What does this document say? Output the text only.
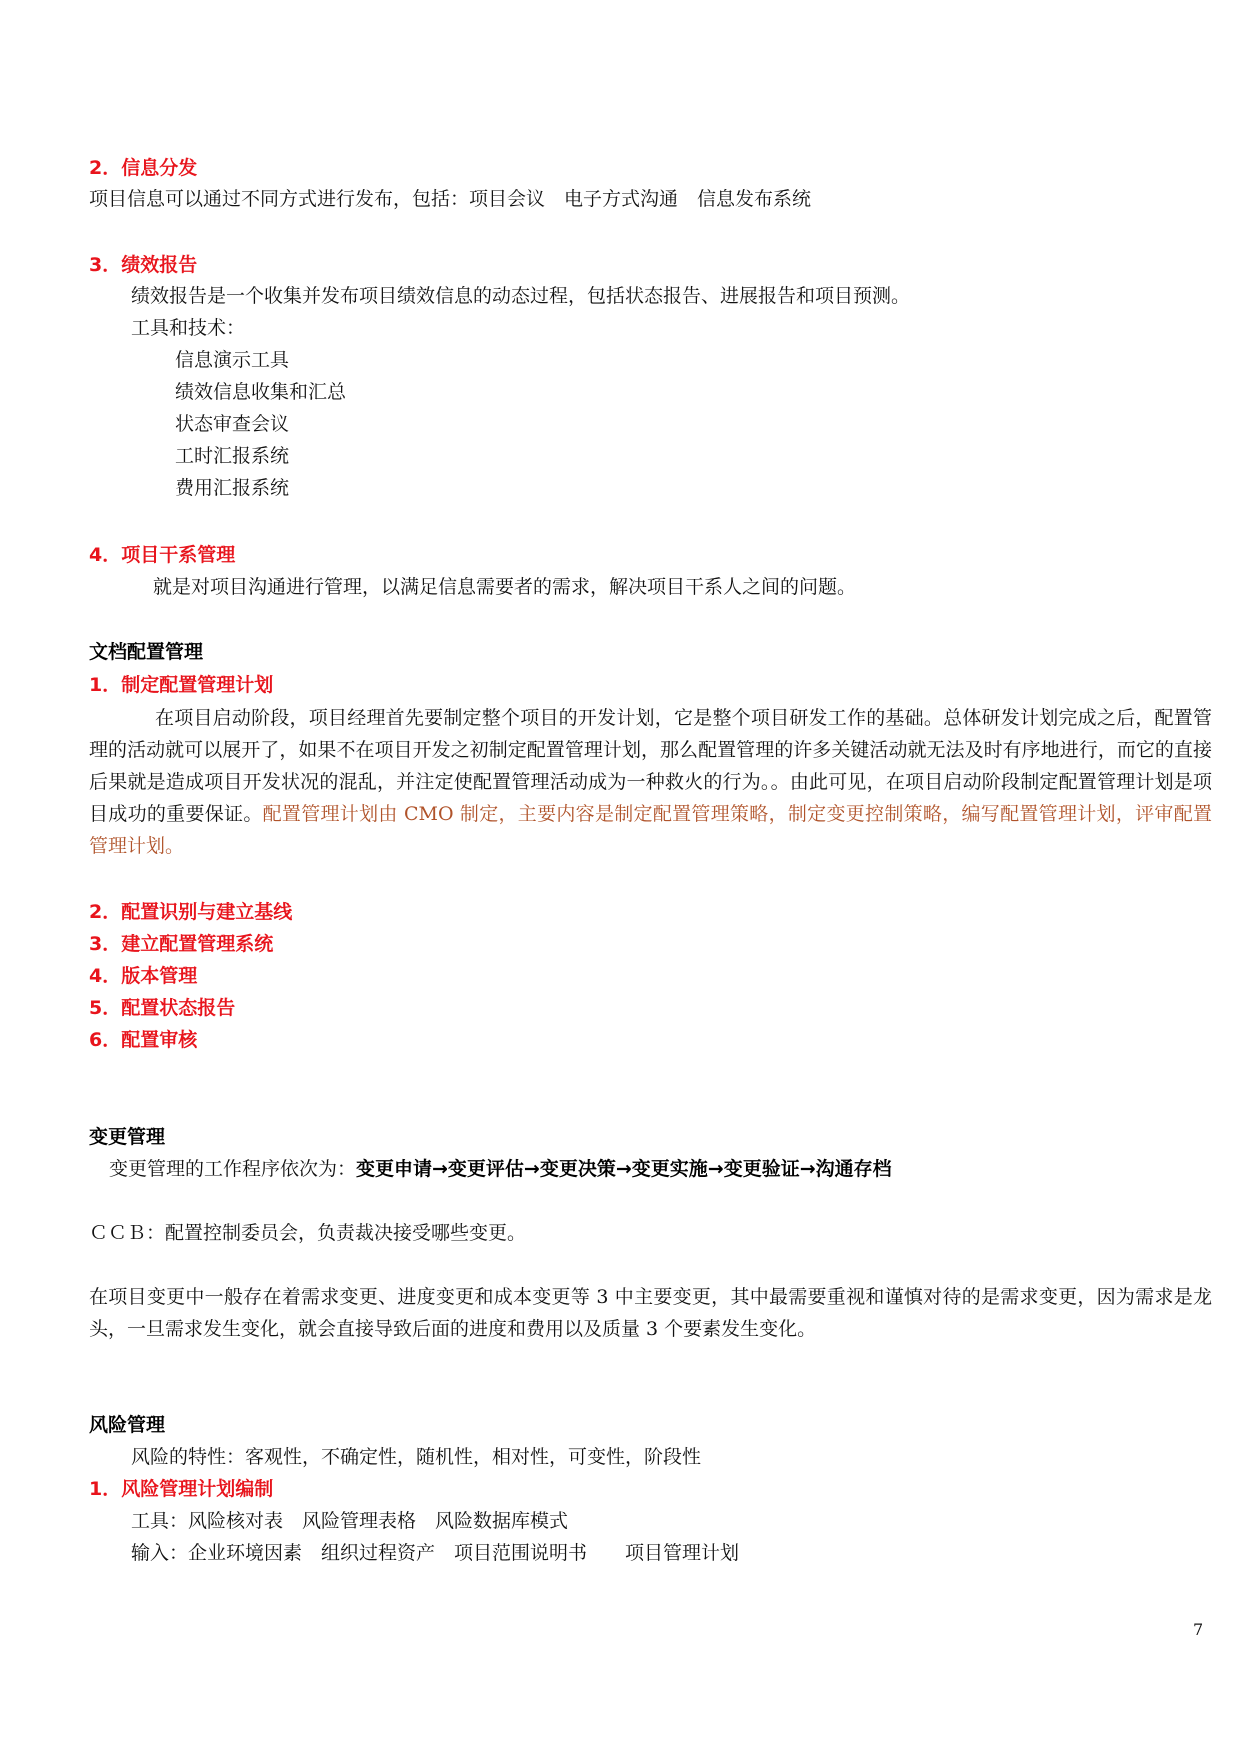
2．信息分发
项目信息可以通过不同方式进行发布，包括：项目会议　电子方式沟通　信息发布系统
3．绩效报告
绩效报告是一个收集并发布项目绩效信息的动态过程，包括状态报告、进展报告和项目预测。
工具和技术：
信息演示工具
绩效信息收集和汇总
状态审查会议
工时汇报系统
费用汇报系统
4．项目干系管理
就是对项目沟通进行管理，以满足信息需要者的需求，解决项目干系人之间的问题。
文档配置管理
1．制定配置管理计划
在项目启动阶段，项目经理首先要制定整个项目的开发计划，它是整个项目研发工作的基础。总体研发计划完成之后，配置管理的活动就可以展开了，如果不在项目开发之初制定配置管理计划，那么配置管理的许多关键活动就无法及时有序地进行，而它的直接后果就是造成项目开发状况的混乱，并注定使配置管理活动成为一种救火的行为。。由此可见，在项目启动阶段制定配置管理计划是项目成功的重要保证。配置管理计划由 CMO 制定，主要内容是制定配置管理策略，制定变更控制策略，编写配置管理计划，评审配置管理计划。
2．配置识别与建立基线
3．建立配置管理系统
4．版本管理
5．配置状态报告
6．配置审核
变更管理
变更管理的工作程序依次为：变更申请→变更评估→变更决策→变更实施→变更验证→沟通存档
ＣＣＢ：配置控制委员会，负责裁决接受哪些变更。
在项目变更中一般存在着需求变更、进度变更和成本变更等 3 中主要变更，其中最需要重视和谨慎对待的是需求变更，因为需求是龙头，一旦需求发生变化，就会直接导致后面的进度和费用以及质量 3 个要素发生变化。
风险管理
风险的特性：客观性，不确定性，随机性，相对性，可变性，阶段性
1．风险管理计划编制
工具：风险核对表　风险管理表格　风险数据库模式
输入：企业环境因素　组织过程资产　项目范围说明书　　项目管理计划
7
